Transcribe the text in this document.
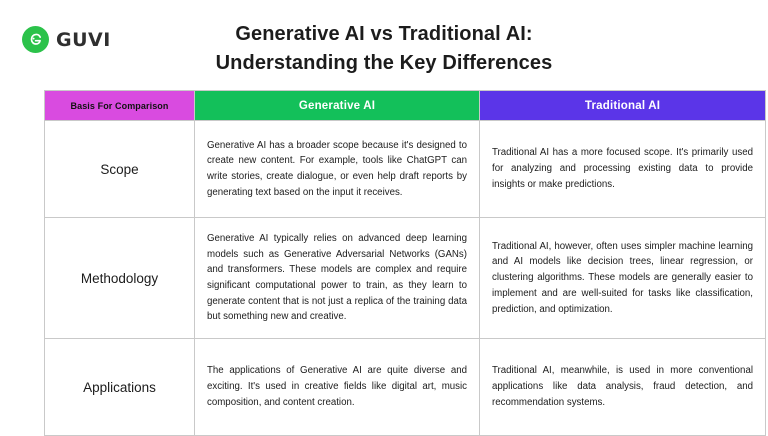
GUVI	Generative AI vs Traditional AI:
Understanding the Key Differences
Basis For Comparison	Generative AI	Traditional AI
Scope	Generative AI has a broader scope because it's designed to create new content. For example, tools like ChatGPT can write stories, create dialogue, or even help draft reports by generating text based on the input it receives.	Traditional AI has a more focused scope. It's primarily used for analyzing and processing existing data to provide insights or make predictions.
Methodology	Generative AI typically relies on advanced deep learning models such as Generative Adversarial Networks (GANs) and transformers. These models are complex and require significant computational power to train, as they learn to generate content that is not just a replica of the training data but something new and creative.	Traditional AI, however, often uses simpler machine learning and AI models like decision trees, linear regression, or clustering algorithms. These models are generally easier to implement and are well-suited for tasks like classification, prediction, and optimization.
Applications	The applications of Generative AI are quite diverse and exciting. It's used in creative fields like digital art, music composition, and content creation.	Traditional AI, meanwhile, is used in more conventional applications like data analysis, fraud detection, and recommendation systems.
